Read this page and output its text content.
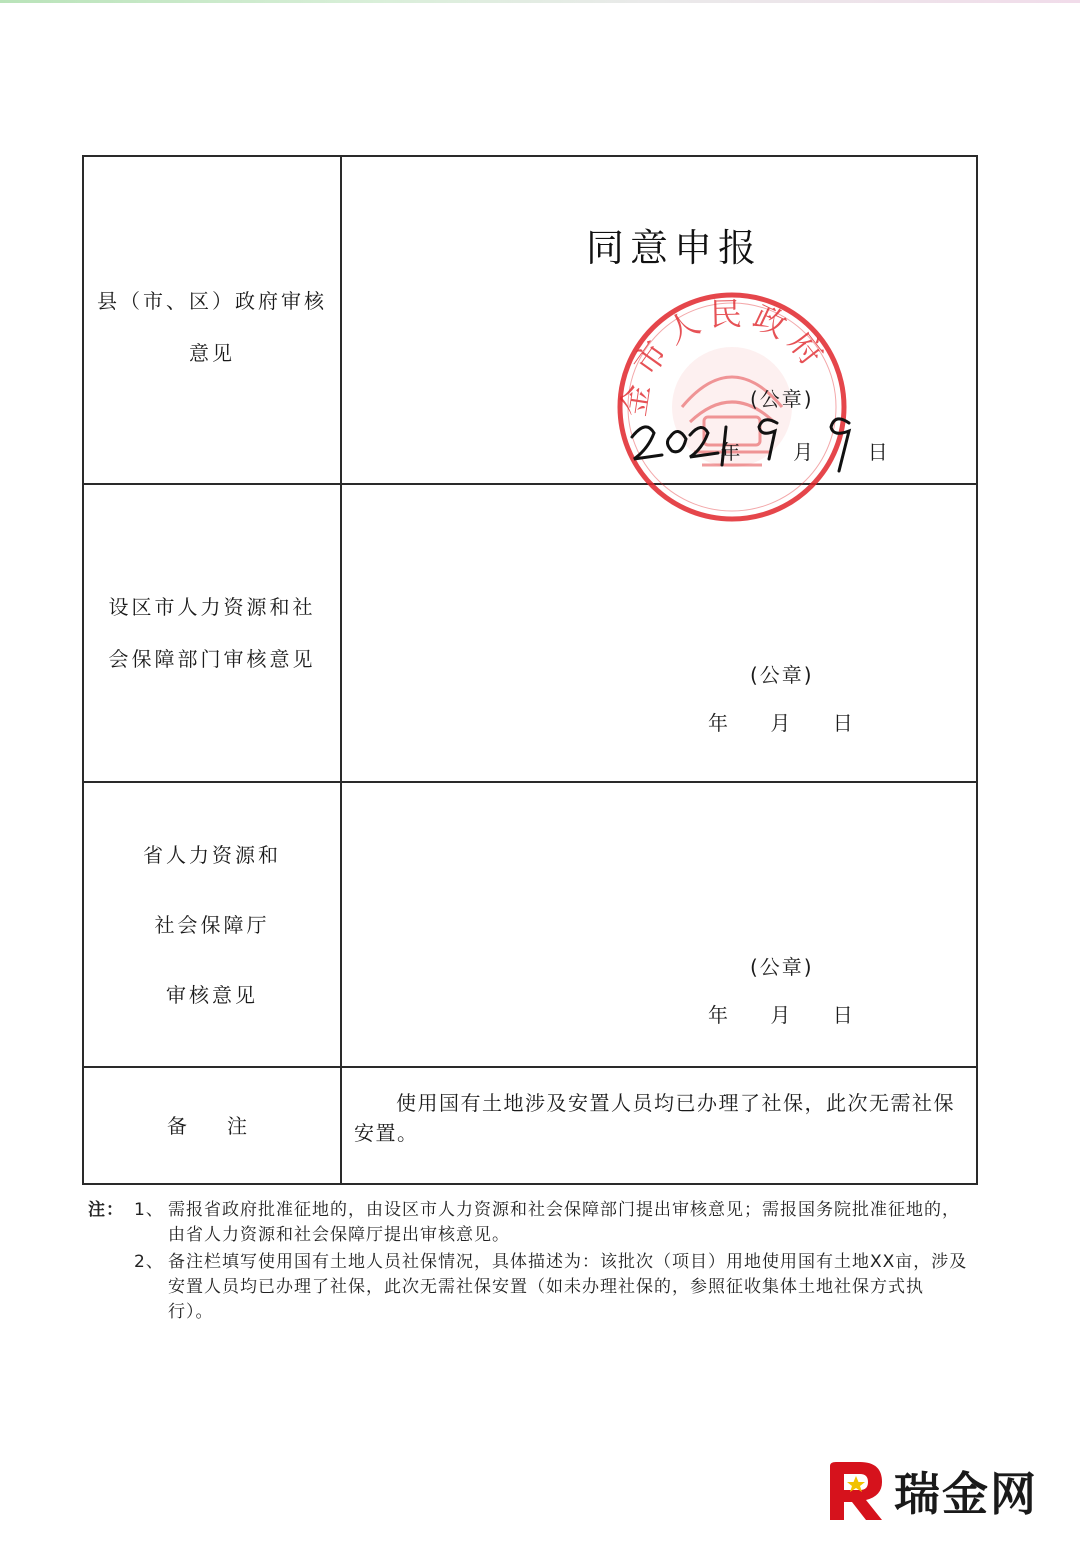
县（市、区）政府审核意见
同意申报
金市人民政府
(公章)
年	月	日
设区市人力资源和社会保障部门审核意见
(公章)
年 月 日
省人力资源和
社会保障厅
审核意见
(公章)
年 月 日
备　注
使用国有土地涉及安置人员均已办理了社保，此次无需社保安置。
注： 1、 需报省政府批准征地的，由设区市人力资源和社会保障部门提出审核意见；需报国务院批准征地的，由省人力资源和社会保障厅提出审核意见。
2、 备注栏填写使用国有土地人员社保情况，具体描述为：该批次（项目）用地使用国有土地XX亩，涉及安置人员均已办理了社保，此次无需社保安置（如未办理社保的，参照征收集体土地社保方式执行）。
瑞金网
